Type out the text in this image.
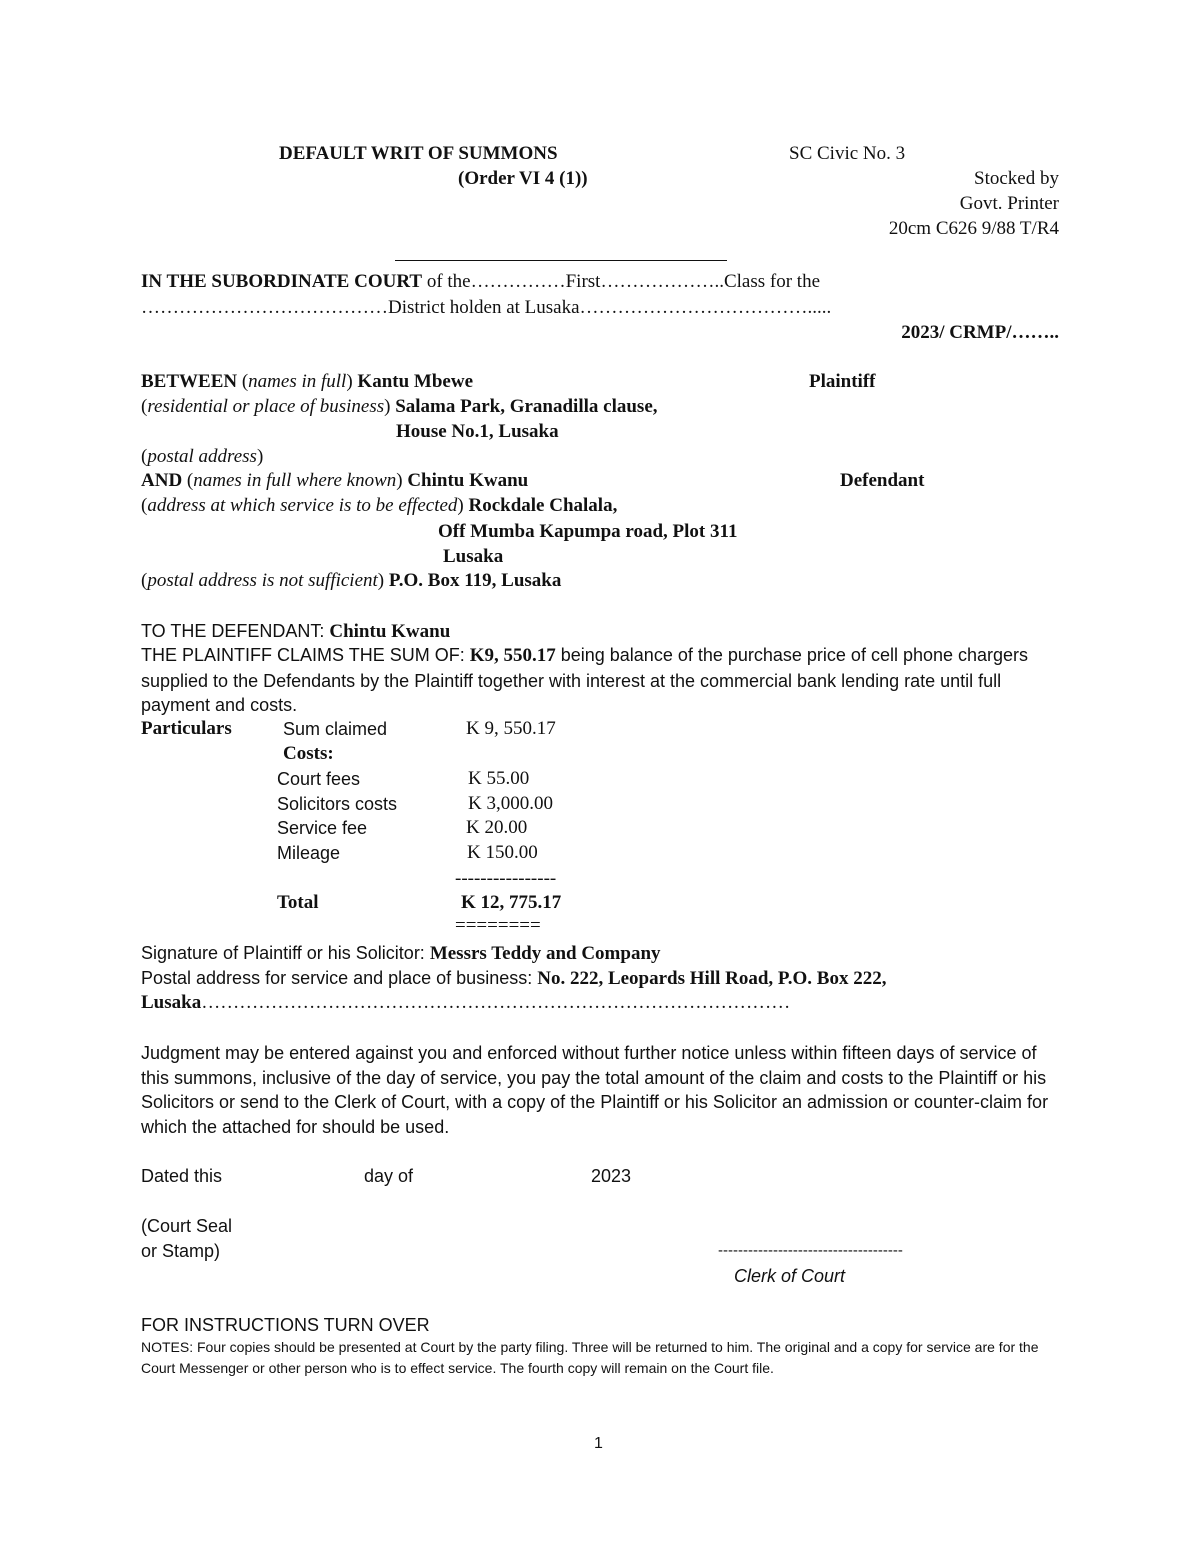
DEFAULT WRIT OF SUMMONS
(Order VI 4 (1))
SC Civic No. 3
Stocked by
Govt. Printer
20cm C626 9/88 T/R4
IN THE SUBORDINATE COURT of the……………First………………..Class for the
…………………………………District holden at Lusaka……………………………….....
2023/ CRMP/……..
BETWEEN (names in full) Kantu Mbewe	Plaintiff
(residential or place of business) Salama Park, Granadilla clause,
House No.1, Lusaka
(postal address)
AND (names in full where known) Chintu Kwanu	Defendant
(address at which service is to be effected) Rockdale Chalala,
Off Mumba Kapumpa road, Plot 311
Lusaka
(postal address is not sufficient) P.O. Box 119, Lusaka
TO THE DEFENDANT: Chintu Kwanu
THE PLAINTIFF CLAIMS THE SUM OF: K9, 550.17 being balance of the purchase price of cell phone chargers supplied to the Defendants by the Plaintiff together with interest at the commercial bank lending rate until full payment and costs.
Particulars	Sum claimed	K 9, 550.17
Costs:
Court fees	K 55.00
Solicitors costs	K 3,000.00
Service fee	K 20.00
Mileage	K 150.00
----------------
Total	K 12, 775.17
========
Signature of Plaintiff or his Solicitor: Messrs Teddy and Company
Postal address for service and place of business: No. 222, Leopards Hill Road, P.O. Box 222,
Lusaka…………………………………………………………………………………
Judgment may be entered against you and enforced without further notice unless within fifteen days of service of this summons, inclusive of the day of service, you pay the total amount of the claim and costs to the Plaintiff or his Solicitors or send to the Clerk of Court, with a copy of the Plaintiff or his Solicitor an admission or counter-claim for which the attached for should be used.
Dated this	day of	2023
(Court Seal
or Stamp)	-------------------------------------
Clerk of Court
FOR INSTRUCTIONS TURN OVER
NOTES: Four copies should be presented at Court by the party filing. Three will be returned to him. The original and a copy for service are for the Court Messenger or other person who is to effect service. The fourth copy will remain on the Court file.
1
